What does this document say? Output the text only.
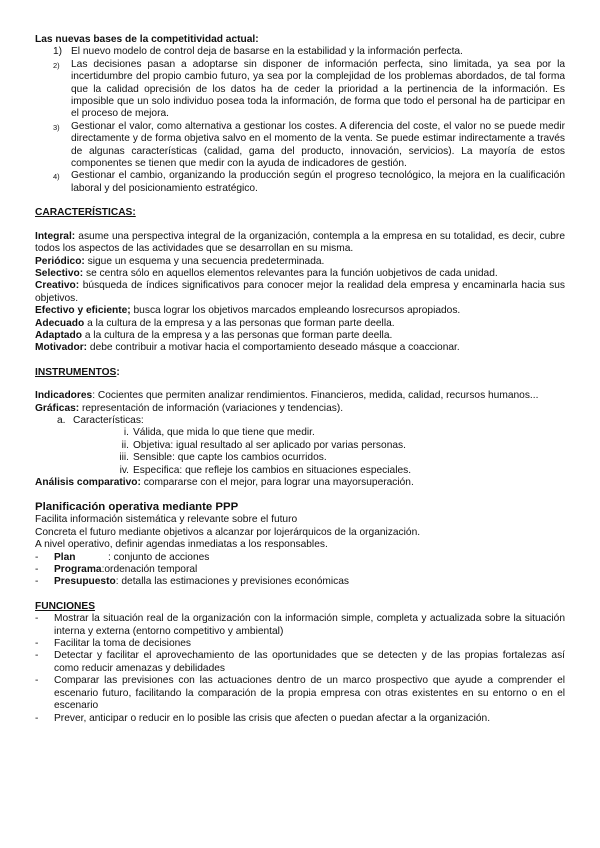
Las nuevas bases de la competitividad actual:

1) El nuevo modelo de control deja de basarse en la estabilidad y la información perfecta.
2) Las decisiones pasan a adoptarse sin disponer de información perfecta, sino limitada, ya sea por la incertidumbre del propio cambio futuro, ya sea por la complejidad de los problemas abordados, de tal forma que la calidad oprecisión de los datos ha de ceder la prioridad a la pertinencia de la información. Es imposible que un solo individuo posea toda la información, de forma que todo el personal ha de participar en el proceso de mejora.
3) Gestionar el valor, como alternativa a gestionar los costes. A diferencia del coste, el valor no se puede medir directamente y de forma objetiva salvo en el momento de la venta. Se puede estimar indirectamente a través de algunas características (calidad, gama del producto, innovación, servicios). La mayoría de estos componentes se tienen que medir con la ayuda de indicadores de gestión.
4) Gestionar el cambio, organizando la producción según el progreso tecnológico, la mejora en la cualificación laboral y del posicionamiento estratégico.

CARACTERÍSTICAS:

Integral: asume una perspectiva integral de la organización, contempla a la empresa en su totalidad, es decir, cubre todos los aspectos de las actividades que se desarrollan en su misma.

Periódico: sigue un esquema y una secuencia predeterminada.

Selectivo: se centra sólo en aquellos elementos relevantes para la función uobjetivos de cada unidad.

Creativo: búsqueda de índices significativos para conocer mejor la realidad dela empresa y encaminarla hacia sus objetivos.

Efectivo y eficiente; busca lograr los objetivos marcados empleando losrecursos apropiados.

Adecuado a la cultura de la empresa y a las personas que forman parte deella.

Adaptado a la cultura de la empresa y a las personas que forman parte deella.

Motivador: debe contribuir a motivar hacia el comportamiento deseado másque a coaccionar.

INSTRUMENTOS:

Indicadores: Cocientes que permiten analizar rendimientos. Financieros, medida, calidad, recursos humanos...

Gráficas: representación de información (variaciones y tendencias).

a. Características:

i. Válida, que mida lo que tiene que medir.

ii. Objetiva: igual resultado al ser aplicado por varias personas.

iii. Sensible: que capte los cambios ocurridos.

iv. Especifica: que refleje los cambios en situaciones especiales.

Análisis comparativo: compararse con el mejor, para lograr una mayorsuperación.

Planificación operativa mediante PPP

Facilita información sistemática y relevante sobre el futuro

Concreta el futuro mediante objetivos a alcanzar por lojerárquicos de la organización.

A nivel operativo, definir agendas inmediatas a los responsables.

- Plan	: conjunto de acciones

- Programa:ordenación temporal

- Presupuesto: detalla las estimaciones y previsiones económicas

FUNCIONES

- Mostrar la situación real de la organización con la información simple, completa y actualizada sobre la situación interna y externa (entorno competitivo y ambiental)

- Facilitar la toma de decisiones

- Detectar y facilitar el aprovechamiento de las oportunidades que se detecten y de las propias fortalezas así como reducir amenazas y debilidades

- Comparar las previsiones con las actuaciones dentro de un marco prospectivo que ayude a comprender el escenario futuro, facilitando la comparación de la propia empresa con otras existentes en su entorno o en el escenario

- Prever, anticipar o reducir en lo posible las crisis que afecten o puedan afectar a la organización.
